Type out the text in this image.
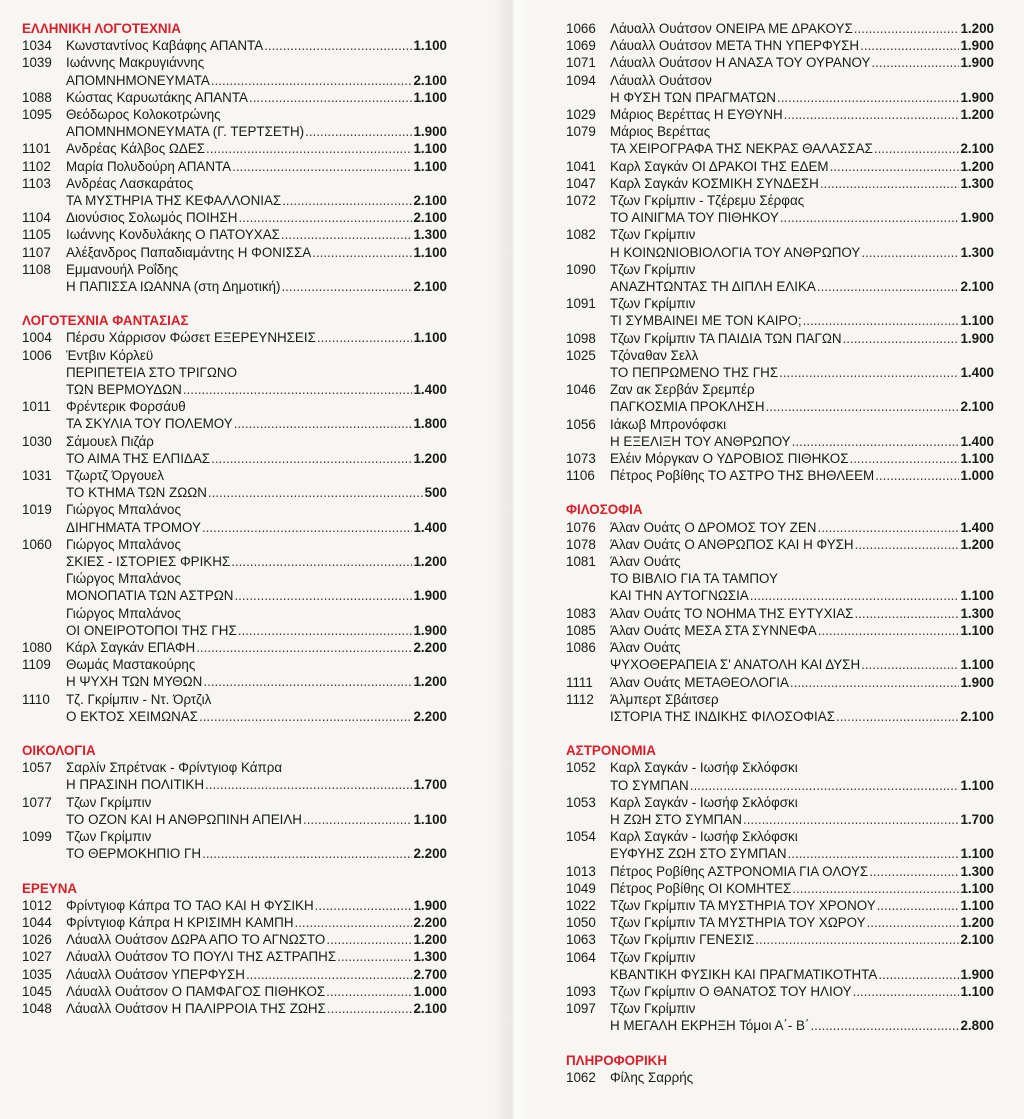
ΕΛΛΗΝΙΚΗ ΛΟΓΟΤΕΧΝΙΑ
1034	Κωνσταντίνος Καβάφης ΑΠΑΝΤΑ .....	1.100
1039	Ιωάννης Μακρυγιάννης
ΑΠΟΜΝΗΜΟΝΕΥΜΑΤΑ .....	2.100
1088	Κώστας Καρυωτάκης ΑΠΑΝΤΑ .....	1.100
1095	Θεόδωρος Κολοκοτρώνης
ΑΠΟΜΝΗΜΟΝΕΥΜΑΤΑ (Γ. ΤΕΡΤΣΕΤΗ) .....	1.900
1101	Ανδρέας Κάλβος ΩΔΕΣ .....	1.100
1102	Μαρία Πολυδούρη ΑΠΑΝΤΑ .....	1.100
1103	Ανδρέας Λασκαράτος
ΤΑ ΜΥΣΤΗΡΙΑ ΤΗΣ ΚΕΦΑΛΛΟΝΙΑΣ .....	2.100
1104	Διονύσιος Σολωμός ΠΟΙΗΣΗ .....	2.100
1105	Ιωάννης Κονδυλάκης Ο ΠΑΤΟΥΧΑΣ .....	1.300
1107	Αλέξανδρος Παπαδιαμάντης Η ΦΟΝΙΣΣΑ .....	1.100
1108	Εμμανουήλ Ροΐδης
Η ΠΑΠΙΣΣΑ ΙΩΑΝΝΑ (στη Δημοτική) .....	2.100
ΛΟΓΟΤΕΧΝΙΑ ΦΑΝΤΑΣΙΑΣ
1004	Πέρσυ Χάρρισον Φώσετ ΕΞΕΡΕΥΝΗΣΕΙΣ .....	1.100
1006	Έντβιν Κόρλεϋ
ΠΕΡΙΠΕΤΕΙΑ ΣΤΟ ΤΡΙΓΩΝΟ
ΤΩΝ ΒΕΡΜΟΥΔΩΝ .....	1.400
1011	Φρέντερικ Φορσάυθ
ΤΑ ΣΚΥΛΙΑ ΤΟΥ ΠΟΛΕΜΟΥ .....	1.800
1030	Σάμουελ Πιζάρ
ΤΟ ΑΙΜΑ ΤΗΣ ΕΛΠΙΔΑΣ .....	1.200
1031	Τζωρτζ Όργουελ
ΤΟ ΚΤΗΜΑ ΤΩΝ ΖΩΩΝ .....	500
1019	Γιώργος Μπαλάνος
ΔΙΗΓΗΜΑΤΑ ΤΡΟΜΟΥ .....	1.400
1060	Γιώργος Μπαλάνος
ΣΚΙΕΣ - ΙΣΤΟΡΙΕΣ ΦΡΙΚΗΣ .....	1.200
Γιώργος Μπαλάνος
ΜΟΝΟΠΑΤΙΑ ΤΩΝ ΑΣΤΡΩΝ .....	1.900
Γιώργος Μπαλάνος
ΟΙ ΟΝΕΙΡΟΤΟΠΟΙ ΤΗΣ ΓΗΣ .....	1.900
1080	Κάρλ Σαγκάν ΕΠΑΦΗ .....	2.200
1109	Θωμάς Μαστακούρης
Η ΨΥΧΗ ΤΩΝ ΜΥΘΩΝ .....	1.200
1110	Τζ. Γκρίμπιν - Ντ. Όρτζιλ
Ο ΕΚΤΟΣ ΧΕΙΜΩΝΑΣ .....	2.200
ΟΙΚΟΛΟΓΙΑ
1057	Σαρλίν Σπρέτνακ - Φρίντγιοφ Κάπρα
Η ΠΡΑΣΙΝΗ ΠΟΛΙΤΙΚΗ .....	1.700
1077	Τζων Γκρίμπιν
ΤΟ ΟΖΟΝ ΚΑΙ Η ΑΝΘΡΩΠΙΝΗ ΑΠΕΙΛΗ .....	1.100
1099	Τζων Γκρίμπιν
ΤΟ ΘΕΡΜΟΚΗΠΙΟ ΓΗ .....	2.200
ΕΡΕΥΝΑ
1012	Φρίντγιοφ Κάπρα ΤΟ ΤΑΟ ΚΑΙ Η ΦΥΣΙΚΗ .....	1.900
1044	Φρίντγιοφ Κάπρα Η ΚΡΙΣΙΜΗ ΚΑΜΠΗ .....	2.200
1026	Λάυαλλ Ουάτσον ΔΩΡΑ ΑΠΟ ΤΟ ΑΓΝΩΣΤΟ .....	1.200
1027	Λάυαλλ Ουάτσον ΤΟ ΠΟΥΛΙ ΤΗΣ ΑΣΤΡΑΠΗΣ .....	1.300
1035	Λάυαλλ Ουάτσον ΥΠΕΡΦΥΣΗ .....	2.700
1045	Λάυαλλ Ουάτσον Ο ΠΑΜΦΑΓΟΣ ΠΙΘΗΚΟΣ .....	1.000
1048	Λάυαλλ Ουάτσον Η ΠΑΛΙΡΡΟΙΑ ΤΗΣ ΖΩΗΣ .....	2.100
1066	Λάυαλλ Ουάτσον ΟΝΕΙΡΑ ΜΕ ΔΡΑΚΟΥΣ .....	1.200
1069	Λάυαλλ Ουάτσον ΜΕΤΑ ΤΗΝ ΥΠΕΡΦΥΣΗ .....	1.900
1071	Λάυαλλ Ουάτσον Η ΑΝΑΣΑ ΤΟΥ ΟΥΡΑΝΟΥ .....	1.900
1094	Λάυαλλ Ουάτσον
Η ΦΥΣΗ ΤΩΝ ΠΡΑΓΜΑΤΩΝ .....	1.900
1029	Μάριος Βερέττας Η ΕΥΘΥΝΗ .....	1.200
1079	Μάριος Βερέττας
ΤΑ ΧΕΙΡΟΓΡΑΦΑ ΤΗΣ ΝΕΚΡΑΣ ΘΑΛΑΣΣΑΣ .....	2.100
1041	Καρλ Σαγκάν ΟΙ ΔΡΑΚΟΙ ΤΗΣ ΕΔΕΜ .....	1.200
1047	Καρλ Σαγκάν ΚΟΣΜΙΚΗ ΣΥΝΔΕΣΗ .....	1.300
1072	Τζων Γκρίμπιν - Τζέρεμυ Σέρφας
ΤΟ ΑΙΝΙΓΜΑ ΤΟΥ ΠΙΘΗΚΟΥ .....	1.900
1082	Τζων Γκρίμπιν
Η ΚΟΙΝΩΝΙΟΒΙΟΛΟΓΙΑ ΤΟΥ ΑΝΘΡΩΠΟΥ .....	1.300
1090	Τζων Γκρίμπιν
ΑΝΑΖΗΤΩΝΤΑΣ ΤΗ ΔΙΠΛΗ ΕΛΙΚΑ .....	2.100
1091	Τζων Γκρίμπιν
ΤΙ ΣΥΜΒΑΙΝΕΙ ΜΕ ΤΟΝ ΚΑΙΡΟ; .....	1.100
1098	Τζων Γκρίμπιν ΤΑ ΠΑΙΔΙΑ ΤΩΝ ΠΑΓΩΝ .....	1.900
1025	Τζόναθαν Σελλ
ΤΟ ΠΕΠΡΩΜΕΝΟ ΤΗΣ ΓΗΣ .....	1.400
1046	Ζαν ακ Σερβάν Σρεμπέρ
ΠΑΓΚΟΣΜΙΑ ΠΡΟΚΛΗΣΗ .....	2.100
1056	Ιάκωβ Μπρονόφσκι
Η ΕΞΕΛΙΞΗ ΤΟΥ ΑΝΘΡΩΠΟΥ .....	1.400
1073	Ελέιν Μόργκαν Ο ΥΔΡΟΒΙΟΣ ΠΙΘΗΚΟΣ .....	1.100
1106	Πέτρος Ροβίθης ΤΟ ΑΣΤΡΟ ΤΗΣ ΒΗΘΛΕΕΜ .....	1.000
ΦΙΛΟΣΟΦΙΑ
1076	Άλαν Ουάτς Ο ΔΡΟΜΟΣ ΤΟΥ ΖΕΝ .....	1.400
1078	Άλαν Ουάτς Ο ΑΝΘΡΩΠΟΣ ΚΑΙ Η ΦΥΣΗ .....	1.200
1081	Άλαν Ουάτς
ΤΟ ΒΙΒΛΙΟ ΓΙΑ ΤΑ ΤΑΜΠΟΥ
ΚΑΙ ΤΗΝ ΑΥΤΟΓΝΩΣΙΑ .....	1.100
1083	Άλαν Ουάτς ΤΟ ΝΟΗΜΑ ΤΗΣ ΕΥΤΥΧΙΑΣ .....	1.300
1085	Άλαν Ουάτς ΜΕΣΑ ΣΤΑ ΣΥΝΝΕΦΑ .....	1.100
1086	Άλαν Ουάτς
ΨΥΧΟΘΕΡΑΠΕΙΑ Σ' ΑΝΑΤΟΛΗ ΚΑΙ ΔΥΣΗ .....	1.100
1111	Άλαν Ουάτς ΜΕΤΑΘΕΟΛΟΓΙΑ .....	1.900
1112	Άλμπερτ Σβάιτσερ
ΙΣΤΟΡΙΑ ΤΗΣ ΙΝΔΙΚΗΣ ΦΙΛΟΣΟΦΙΑΣ .....	2.100
ΑΣΤΡΟΝΟΜΙΑ
1052	Καρλ Σαγκάν - Ιωσήφ Σκλόφσκι
ΤΟ ΣΥΜΠΑΝ .....	1.100
1053	Καρλ Σαγκάν - Ιωσήφ Σκλόφσκι
Η ΖΩΗ ΣΤΟ ΣΥΜΠΑΝ .....	1.700
1054	Καρλ Σαγκάν - Ιωσήφ Σκλόφσκι
ΕΥΦΥΗΣ ΖΩΗ ΣΤΟ ΣΥΜΠΑΝ .....	1.100
1013	Πέτρος Ροβίθης ΑΣΤΡΟΝΟΜΙΑ ΓΙΑ ΟΛΟΥΣ .....	1.300
1049	Πέτρος Ροβίθης ΟΙ ΚΟΜΗΤΕΣ .....	1.100
1022	Τζων Γκρίμπιν ΤΑ ΜΥΣΤΗΡΙΑ ΤΟΥ ΧΡΟΝΟΥ .....	1.100
1050	Τζων Γκρίμπιν ΤΑ ΜΥΣΤΗΡΙΑ ΤΟΥ ΧΩΡΟΥ .....	1.200
1063	Τζων Γκρίμπιν ΓΕΝΕΣΙΣ .....	2.100
1064	Τζων Γκρίμπιν
ΚΒΑΝΤΙΚΗ ΦΥΣΙΚΗ ΚΑΙ ΠΡΑΓΜΑΤΙΚΟΤΗΤΑ .....	1.900
1093	Τζων Γκρίμπιν Ο ΘΑΝΑΤΟΣ ΤΟΥ ΗΛΙΟΥ .....	1.100
1097	Τζων Γκρίμπιν
Η ΜΕΓΑΛΗ ΕΚΡΗΞΗ Τόμοι Α΄- Β΄ .....	2.800
ΠΛΗΡΟΦΟΡΙΚΗ
1062	Φίλης Σαρρής
